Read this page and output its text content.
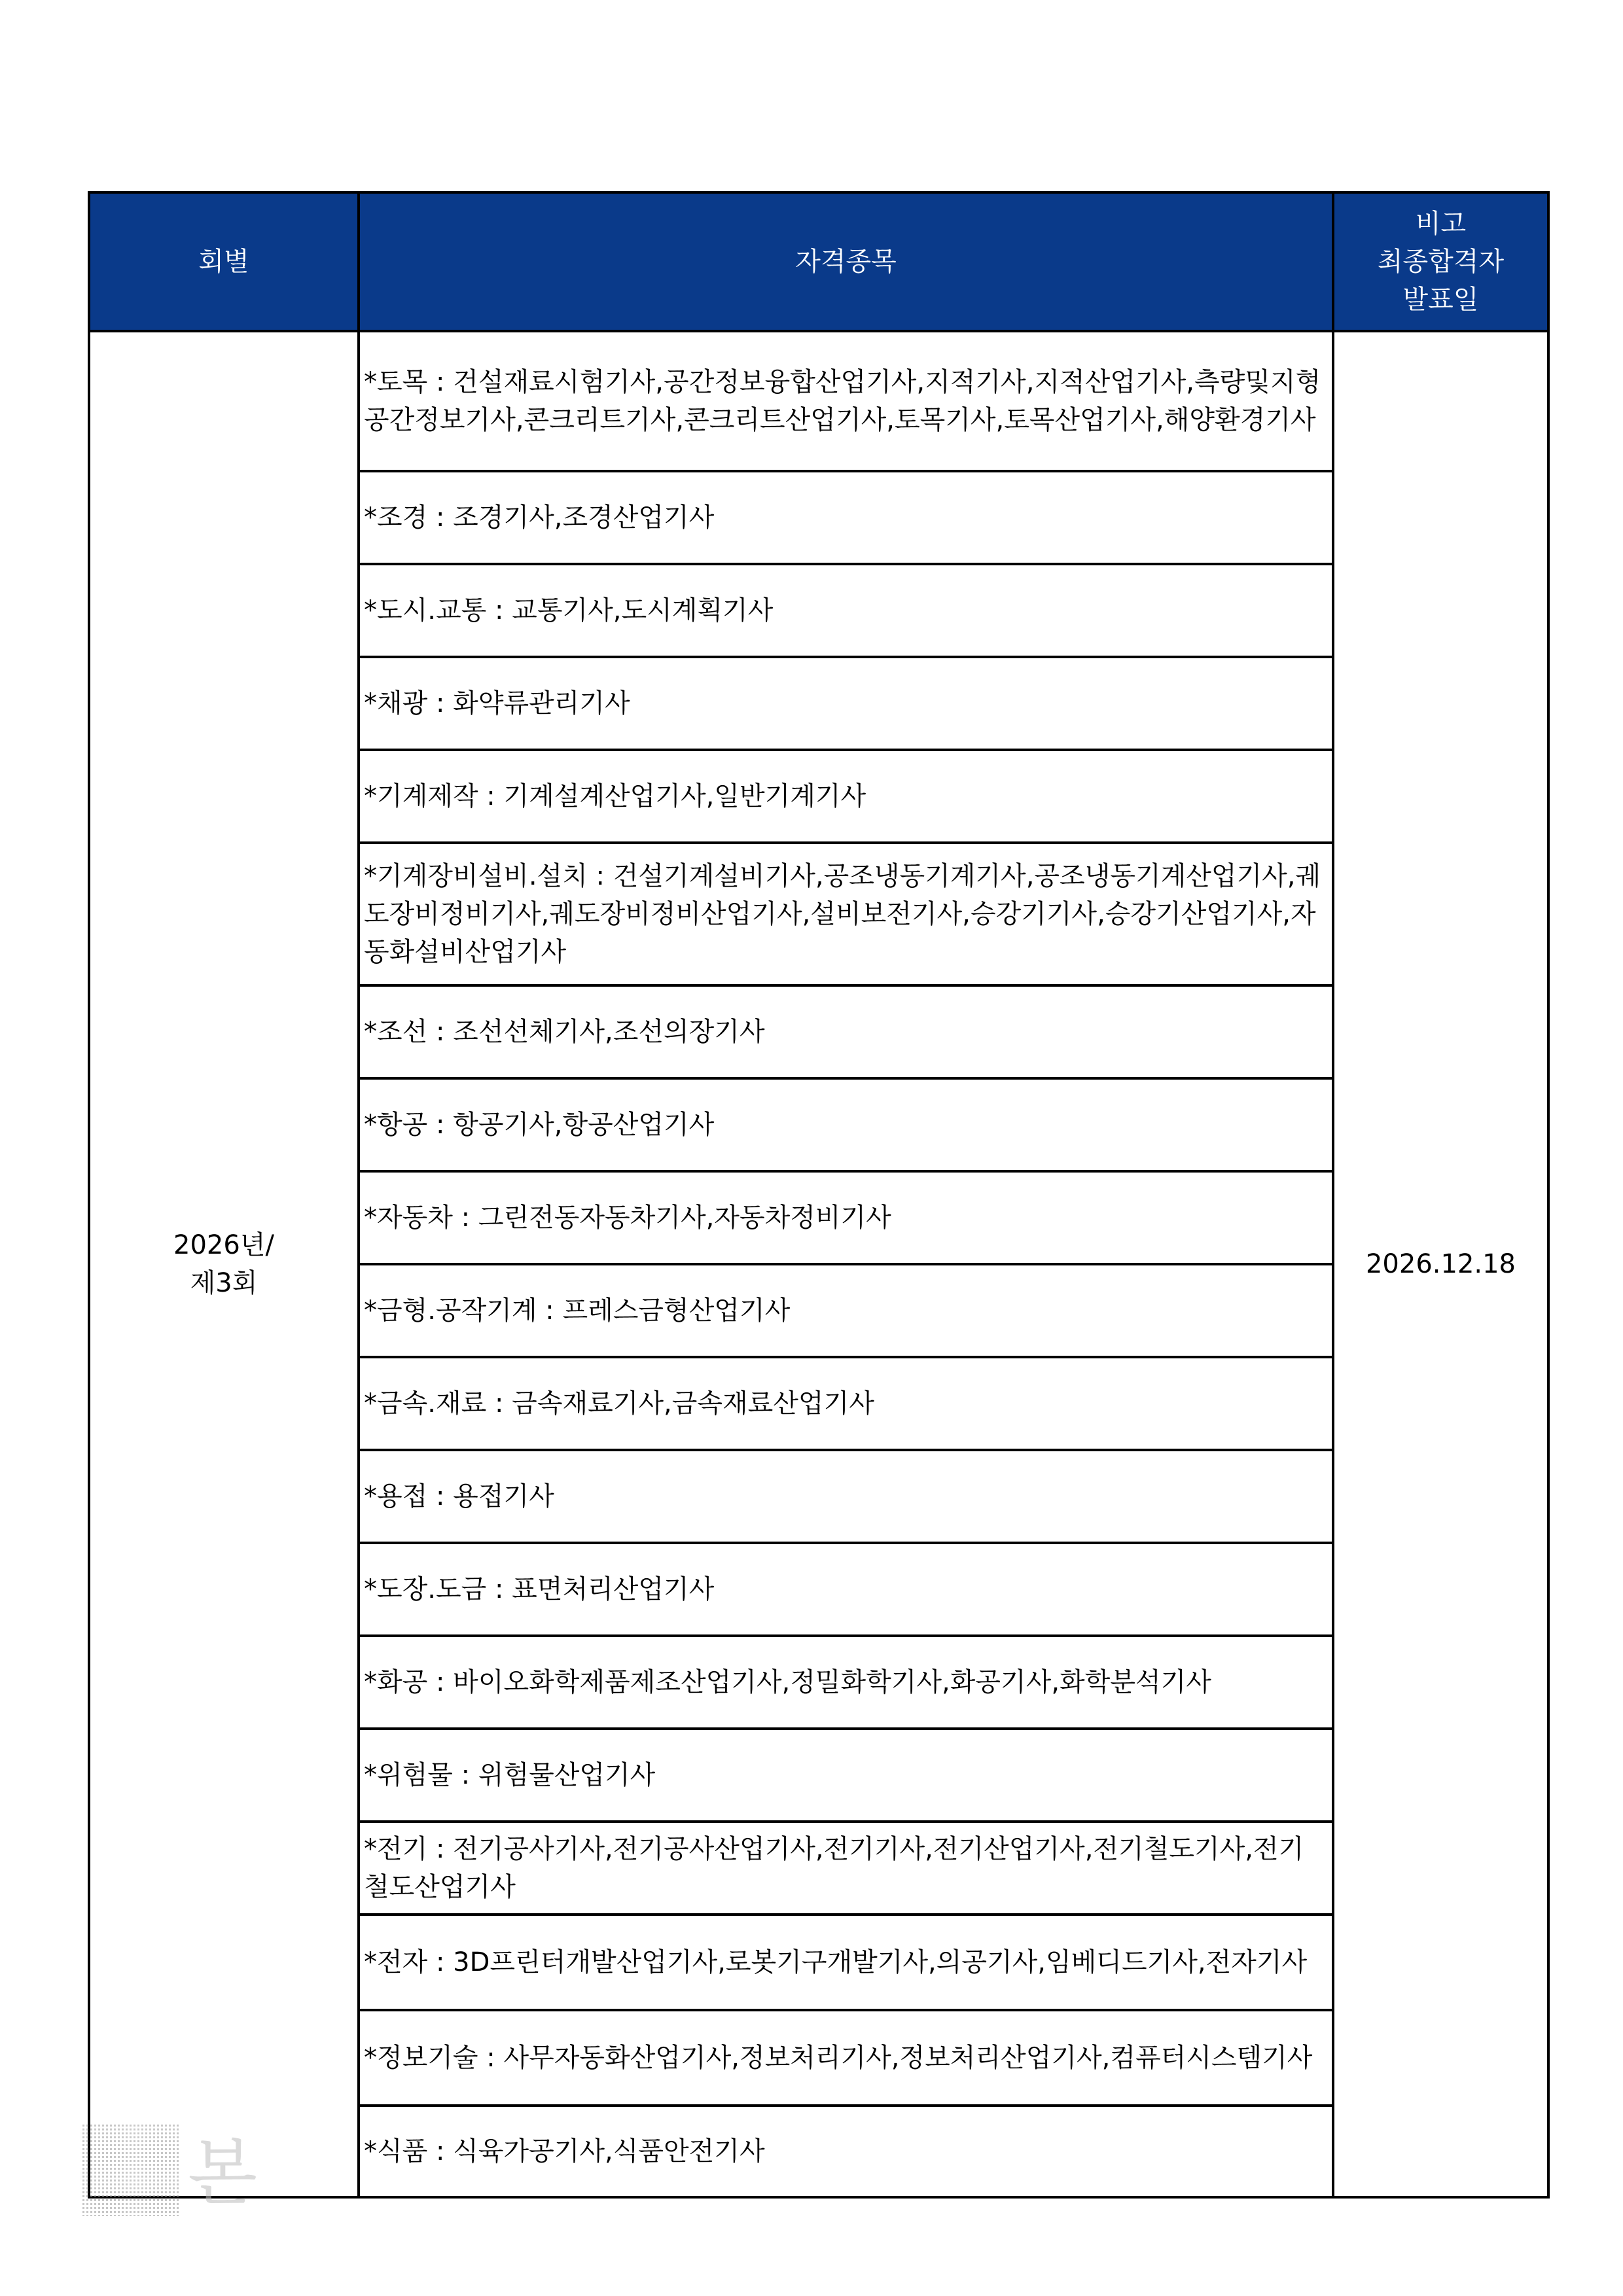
회별	자격종목	비고
최종합격자
발표일

2026년/
제3회	*토목 : 건설재료시험기사,공간정보융합산업기사,지적기사,지적산업기사,측량및지형공간정보기사,콘크리트기사,콘크리트산업기사,토목기사,토목산업기사,해양환경기사	2026.12.18
	*조경 : 조경기사,조경산업기사	
	*도시.교통 : 교통기사,도시계획기사	
	*채광 : 화약류관리기사	
	*기계제작 : 기계설계산업기사,일반기계기사	
	*기계장비설비.설치 : 건설기계설비기사,공조냉동기계기사,공조냉동기계산업기사,궤도장비정비기사,궤도장비정비산업기사,설비보전기사,승강기기사,승강기산업기사,자동화설비산업기사	
	*조선 : 조선선체기사,조선의장기사	
	*항공 : 항공기사,항공산업기사	
	*자동차 : 그린전동자동차기사,자동차정비기사	
	*금형.공작기계 : 프레스금형산업기사	
	*금속.재료 : 금속재료기사,금속재료산업기사	
	*용접 : 용접기사	
	*도장.도금 : 표면처리산업기사	
	*화공 : 바이오화학제품제조산업기사,정밀화학기사,화공기사,화학분석기사	
	*위험물 : 위험물산업기사	
	*전기 : 전기공사기사,전기공사산업기사,전기기사,전기산업기사,전기철도기사,전기철도산업기사	
	*전자 : 3D프린터개발산업기사,로봇기구개발기사,의공기사,임베디드기사,전자기사	
	*정보기술 : 사무자동화산업기사,정보처리기사,정보처리산업기사,컴퓨터시스템기사	
	*식품 : 식육가공기사,식품안전기사	
본
